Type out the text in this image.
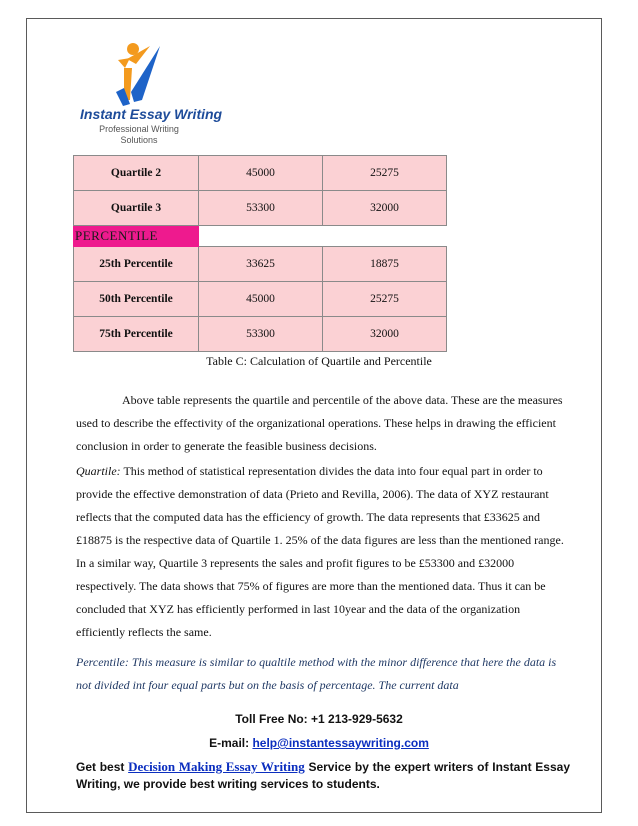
Instant Essay Writing
Professional Writing Solutions
Quartile 2	45000	25275
Quartile 3	53300	32000
PERCENTILE		
25th Percentile	33625	18875
50th Percentile	45000	25275
75th Percentile	53300	32000
Table C: Calculation of Quartile and Percentile
Above table represents the quartile and percentile of the above data. These are the measures used to describe the effectivity of the organizational operations. These helps in drawing the efficient conclusion in order to generate the feasible business decisions.
Quartile: This method of statistical representation divides the data into four equal part in order to provide the effective demonstration of data (Prieto and Revilla, 2006). The data of XYZ restaurant reflects that the computed data has the efficiency of growth. The data represents that £33625 and £18875 is the respective data of Quartile 1. 25% of the data figures are less than the mentioned range. In a similar way, Quartile 3 represents the sales and profit figures to be £53300 and £32000 respectively. The data shows that 75% of figures are more than the mentioned data. Thus it can be concluded that XYZ has efficiently performed in last 10year and the data of the organization efficiently reflects the same.
Percentile: This measure is similar to qualtile method with the minor difference that here the data is not divided int four equal parts but on the basis of percentage. The current data
Toll Free No: +1 213-929-5632
E-mail: help@instantessaywriting.com
Get best Decision Making Essay Writing Service by the expert writers of Instant Essay Writing, we provide best writing services to students.
